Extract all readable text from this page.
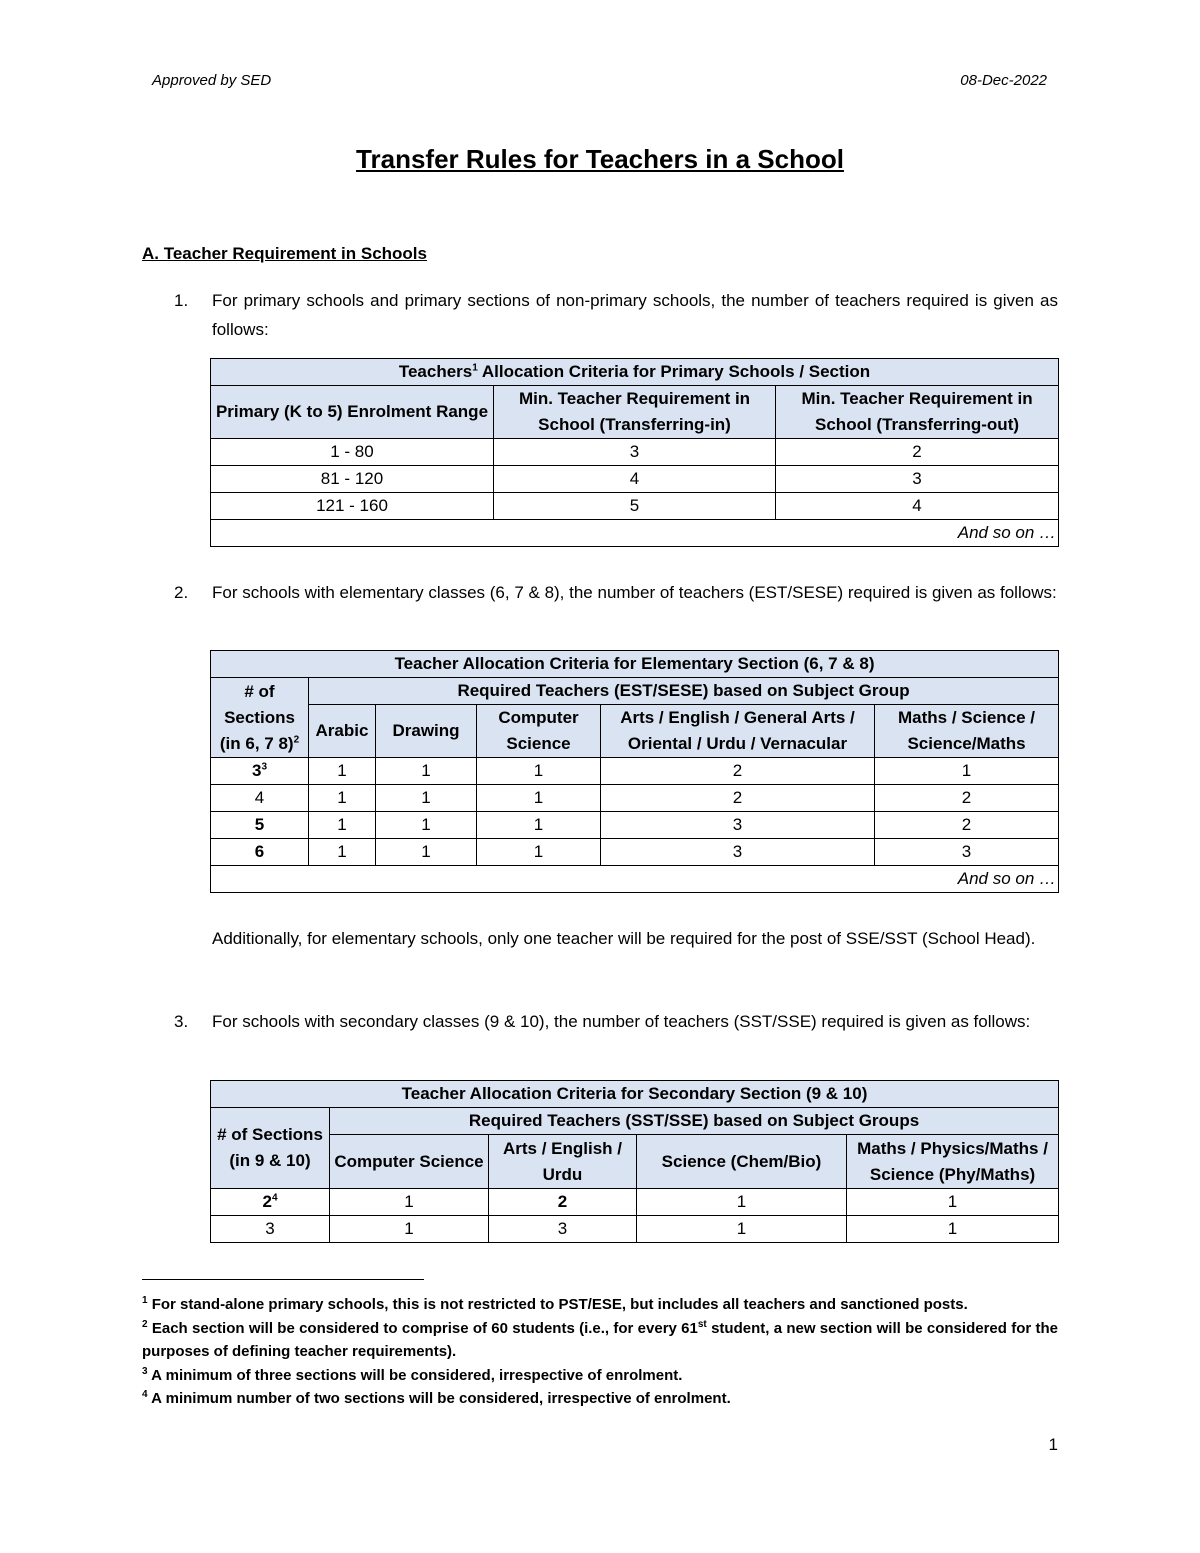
Approved by SED	08-Dec-2022
Transfer Rules for Teachers in a School
A. Teacher Requirement in Schools
1. For primary schools and primary sections of non-primary schools, the number of teachers required is given as follows:
Teachers$^1$ Allocation Criteria for Primary Schools / Section		
Primary (K to 5) Enrolment Range	Min. Teacher Requirement in School (Transferring-in)	Min. Teacher Requirement in School (Transferring-out)
1 - 80	3	2
81 - 120	4	3
121 - 160	5	4
And so on …		
2. For schools with elementary classes (6, 7 & 8), the number of teachers (EST/SESE) required is given as follows:
Teacher Allocation Criteria for Elementary Section (6, 7 & 8)					
# of Sections (in 6, 7 8)$^2$	Required Teachers (EST/SESE) based on Subject Group				
	Arabic	Drawing	Computer Science	Arts / English / General Arts / Oriental / Urdu / Vernacular	Maths / Science / Science/Maths
$3^3$	1	1	1	2	1
4	1	1	1	2	2
5	1	1	1	3	2
6	1	1	1	3	3
And so on …					
Additionally, for elementary schools, only one teacher will be required for the post of SSE/SST (School Head).
3. For schools with secondary classes (9 & 10), the number of teachers (SST/SSE) required is given as follows:
Teacher Allocation Criteria for Secondary Section (9 & 10)				
# of Sections (in 9 & 10)	Required Teachers (SST/SSE) based on Subject Groups			
	Computer Science	Arts / English / Urdu	Science (Chem/Bio)	Maths / Physics/Maths / Science (Phy/Maths)
$2^4$	1	2	1	1
3	1	3	1	1
$^1$ For stand-alone primary schools, this is not restricted to PST/ESE, but includes all teachers and sanctioned posts.
$^2$ Each section will be considered to comprise of 60 students (i.e., for every 61st student, a new section will be considered for the purposes of defining teacher requirements).
$^3$ A minimum of three sections will be considered, irrespective of enrolment.
$^4$ A minimum number of two sections will be considered, irrespective of enrolment.
1
